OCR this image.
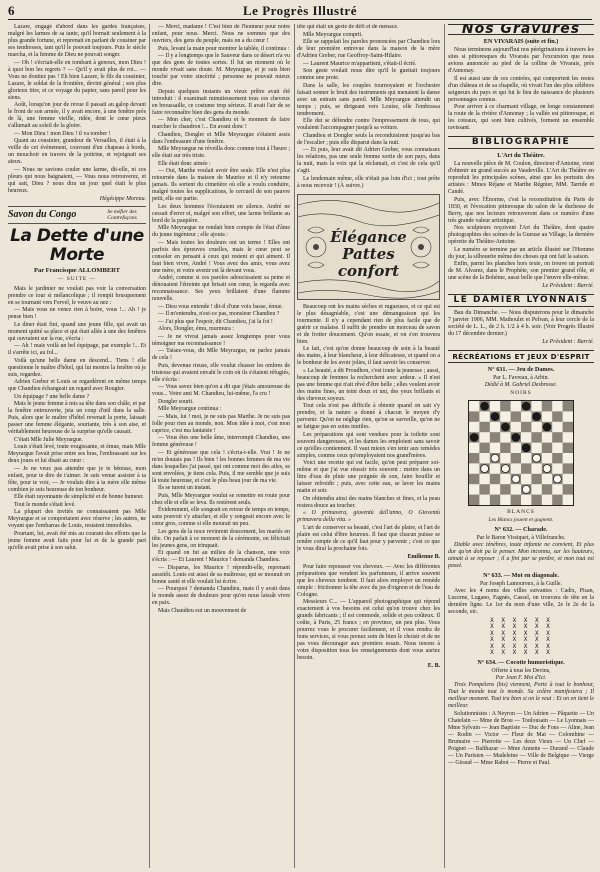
6	Le Progrès Illustré

Lazare, engagé d'abord dans les gardes françaises, malgré les larmes de sa tante, qu'il bornait seulement à la plus grande fortune, et reprenait en parlant de cousiner par ses tendresses, tant qu'il le pouvait toujours. Puis le siècle marcha, et la femme de Dieu ne pouvait songer.

— Oh ! s'écriait-elle en tombant à genoux, mon Dieu ! à quoi bon les regrets ? — Qu'il y avait plus de roi... — Vous ne doutiez pas ! Eh bien Lazare, le fils du cousinier, Lazare, le soldat de la frontière, devint général ; son plus glorieux titre, et ce voyage du papier, sans pareil pour les siens.

Août, lorsqu'on jour de revue il passait au galop devant le front de son armée, il y avait encore, à une fenêtre près de là, une femme vieille, ridée, dont le cœur pieux s'allumait au soleil de la gloire.

— Mon Dieu ! mon Dieu ! il va tomber !

Quant au cousinier, grandeur de Versailles, il était à la veille de cet événement, couvrant d'un chapeau à bords, un mouchoir en travers de la poitrine, et rejoignait ses aïeux.

— Nous ne savions couler une larme, dit-elle, ni ces pleurs qui nous baignaient, — Vous nous retrouverez, et qui sait, Dieu ? nous dira un jour quel était le plus heureux.

Hégésippe Moreau.
Savon du Congo	Se méfier des Contrefaçons
La Dette d'une Morte
Par Francisque ALLOMBERT
— SUITE —

Mais le jardinier ne voulait pas voir la conversation prendre ce tour si mélancolique ; il rompit brusquement en se tournant vers Fervel, le veuve au nez :

— Mais vous ne venez rien à boire, vous !... Ah ! je pense bien !

Le diner était fini, quand une jeune fille, qui avait un moment quitté sa place et qui était allée à une des fenêtres qui ouvraient sur la rue, s'écria :

— Ah ! mais voilà un bel équipage, par exemple !... Et il s'arrête ici, au fol...

Voilà qu'une belle dame en descend... Tiens ! elle questionne le maître d'hôtel, qui lui montre la fenêtre où je suis, regardez.

Adrien Greber et Louis se regardèrent en même temps que Chandieu échangeait un regard avec Rougier.

Un équipage ? une belle dame ?

Mais le jeune femme à mis sa tête dans son châle, et par la fenêtre entrouverte, jeta un coup d'œil dans la salle. Puis, alors que le maître d'hôtel revenait la porte, laissait passer une femme élégante, souriante, très à son aise, et véritablement heureuse de la surprise qu'elle causait.

C'était Mlle Julie Meyrargue.

Louis s'était levé, toute rougissante, et émue, mais Mlle Meyrargue l'avait prise entre ses bras, l'embrassant sur les deux joues et lui disait au cœur :

— Je ne veux pas attendre que je te bénisse, mon enfant, pour te dire de t'aimer. Je suis venue assister à ta fête, pour te voir, — Je voulais dire à ta mère elle même combien je suis heureuse de ton bonheur.

Elle était rayonnante de simplicité et de bonne humeur.

Tout le monde s'était levé.

La plupart des invités ne connaissaient pas Mlle Meyrargue et se comportaient avec réserve ; les autres, ne voyant que l'embarras de Louis, restaient immobiles.

Pourtant, lui, avait été mis au courant des efforts que la jeune femme avait faits pour lui et de la grande part qu'elle avait prise à son salut.

— Merci, madame ! C'est bien de l'honneur pour notre enfant, pour nous. Merci. Nous ne sommes que des ouvriers, des gens du peuple, mais on a du cœur !

Puis, levant la main pour montrer la tablée, il continua :

— Il y a longtemps que le Sauveur dans ce désert n'a vu que des gens de toutes sortes. Il fut un moment où le monde vivait sans doute. M. Meyrargue, et je suis bien touché par votre sincérité ; personne ne pouvait mieux dire.

Depuis quelques instants un vieux prêtre avait été introduit : il examinait minutieusement tous ces cheveux en broussaille, ce costume trop sérieux. Il avait l'air de se faire reconnaître bien des gens du monde.

— Mon cher, c'est Chandieu et le moment de faire marcher le chaudron !... En avant donc !

Chandieu, Dongler et Mlle Meyrargue s'étaient assis dans l'embrasure d'une fenêtre.

Mlle Meyrargue ne réveilla donc comme tout à l'heure ; elle était sur très triste.

Elle était donc aimée :

— Oui, Marthe voulait avoir être seule. Elle n'est plus retournée dans la maison de Maurice et il n'y retourne jamais. Ils sortent du cimetière où elle a voulu conduire, malgré toutes les supplications, le cercueil de son pauvre petit, elle est partie.

Les deux hommes l'écoutaient en silence. André ne cessait d'errer et, malgré son effort, une larme brûlante au bord de la paupière.

Mlle Meyrargue ne rendait bien compte de l'état d'âme du jeune ingénieur ; elle ajouta :

— Mais toutes les douleurs ont un terme ! Elles ont parfois des épreuves cruelles, mais le cœur peut se consoler en pensant à ceux qui restent et qui aiment. Il faut bien vivre, André ! Vous avez des amis, vous avez une mère, et votre avenir est là devant vous.

André, comme si ces paroles adoucissaient sa peine et dénouaient l'étreinte qui brisait son cœur, la regarda avec reconnaissance. Ses yeux brillaient d'une flamme nouvelle.

— Dieu vous entende ! dit-il d'une voix basse, émue.

— Il m'entendra, n'est-ce pas, monsieur Chandieu ?

— J'ai plus que l'espoir, dit Chandieu, j'ai la foi !

Alors, Dongler, ému, murmura :

— Je ne vivrai jamais assez longtemps pour vous témoigner ma reconnaissance !

— Taisez-vous, dit Mlle Meyrargue, ne parlez jamais de cela !

Puis, devenue rieuse, elle voulut chasser les ombres de tristesse qui avaient envahi le coin où ils s'étaient réfugiés, elle s'écria :

— Vous savez bien qu'on a dit que j'étais amoureuse de vous... Votre ami M. Chandieu, lui-même, l'a cru !

Dongler sourit.

Mlle Meyrargue continua :

— Mais, lui ! moi, je ne suis pas Marthe. Je ne suis pas folle pour rien au monde, non. Mon idée à moi, c'est mon caprice, c'est ma fantaisie !

— Vous êtes une belle âme, interrompit Chandieu, une femme généreuse !

— Et généreuse que cela ! s'écria-t-elle. Vrai ! Je ne m'en doutais pas ! Ils bien ! les bonnes femmes de ma vie dans lesquelles j'ai passé, qui ont comme moi des ailes, se sont envolées, je tiens cela. Puis, il me semble que je suis là toute heureuse, et c'est le plus beau jour de ma vie.

Ils se turent un instant.

Puis, Mlle Meyrargue voulut se remettre en route pour chez elle et elle se leva. Ils restèrent seuls.

Évidemment, elle songeait en retour de temps en temps, sans pouvoir s'y attacher, et elle y songeait encore avec le cœur gros, comme si elle mourait un peu.

Les gens de la noce revinrent doucement, les mariés en tête. On parlait à ce moment de la cérémonie, on félicitait les jeunes gens, on trinquait.

Et quand on fut au milieu de la chanson, une voix s'écria : — Et Laurent ! Maurice ! demanda Chandieu.

— Disparus, les Maurice ! répondit-elle, reprenant aussitôt. Louis est aussi de sa maîtresse, qui se mourait en bonne santé et elle voulait lui écrire.

— Pourquoi ? demanda Chandieu, mais il y avait dans le monde assez de douleurs pour qu'on nous laissât vivre en paix.

Mais Chandieu eut un mouvement de

tête qui était un geste de défi et de menace.

Mlle Meyrargue comprit.

Elle se rappelait les paroles prononcées par Chandieu lors de leur première entrevue dans la maison de la mère d'Adrien Greber, rue Geoffroy-Saint-Hilaire.

— Laurent Maurice m'appartient, s'était-il écrié.

Son geste voulait nous dire qu'il le guettait toujours comme une proie.

Dans la salle, les couples tournoyaient et l'orchestre faisait sonner le bruit des instruments qui menaient la danse avec un entrain sans pareil. Mlle Meyrargue attendit un temps ; puis, se dirigeant vers Louise, elle l'embrassa tendrement.

Elle dut se défendre contre l'empressement de tous, qui voulaient l'accompagner jusqu'à sa voiture.

Chandieu et Dongler seuls la reconduisirent jusqu'au bas de l'escalier ; puis elle disparut dans la nuit.

— Et puis, leur avait dit Adrien Greber, vous connaissez les relations, pas une seule femme sortie de son pays, dans la nuit, mais la voix qui la réclamait, et c'est de cela qu'il s'agit.

Le lendemain même, elle n'était pas loin d'ici ; tout prête à nous recevoir ! (À suivre.)

Élégance Pattes confort

Beaucoup ont les mains sèches et rugueuses, et ce qui est le plus désagréable, c'est une démangeaison qui les tourmente. Il n'y a cependant rien de plus facile que de guérir ce malaise. Il suffit de prendre un morceau de savon et de frotter doucement. Qu'on essaie, et on s'en trouvera bien.

Le fait, c'est qu'on donne beaucoup de soin à la beauté des mains, à leur blancheur, à leur délicatesse, et quand on a le bonheur de les avoir jolies, il faut savoir les conserver.

« La beauté, a dit Proudhon, c'est toute la jeunesse ; aussi, beaucoup de femmes la recherchent avec ardeur. » Il n'est pas une femme qui n'ait rêvé d'être belle ; elles veulent avoir des mains fines, un teint doux et uni, des yeux brillants et des cheveux soyeux.

Tout cela n'est pas difficile à obtenir quand on sait s'y prendre, et la nature a donné à chacun le moyen d'y parvenir. Qu'on ne néglige rien, qu'on se surveille, qu'on ne se fatigue pas en soins inutiles.

Les préparations qui sont vendues pour la toilette sont souvent dangereuses, et les dames les emploient sans savoir ce qu'elles contiennent. Il vaut mieux s'en tenir aux remèdes simples, comme ceux qu'employaient nos grand'mères.

Voici une recette qui est facile, qu'on peut préparer soi-même et que j'ai vue réussir très souvent : mettre dans un litre d'eau de pluie une poignée de son, faire bouillir et laisser refroidir ; puis, avec cette eau, se laver les mains matin et soir.

On obtiendra ainsi des mains blanches et fines, et la peau restera douce au toucher.

« O primavera, gioventù dell'anno, O Gioventù primavera della vita. »

L'art de conserver sa beauté, c'est l'art de plaire, et l'art de plaire est celui d'être heureux. Il faut que chacun puisse se rendre compte de ce qu'il faut pour y parvenir ; c'est ce que je vous dirai la prochaine fois.

Emilienne B.

Pour faire repousser vos cheveux. — Avec les différentes préparations que vendent les parfumeurs, il arrive souvent que les cheveux tombent. Il faut alors employer un remède simple : frictionner la tête avec du jus d'oignon et de l'eau de Cologne.

Messieurs C... — L'appareil photographique qui répond exactement à vos besoins est celui qu'on trouve chez les grands fabricants ; il est commode, solide et peu coûteux. Il coûte, à Paris, 25 francs ; en province, un peu plus. Vous pourrez vous le procurer facilement, et il vous rendra de bons services, si vous prenez soin de bien le choisir et de ne pas vous décourager aux premiers essais. Nous tenons à votre disposition tous les renseignements dont vous auriez besoin.

E. B.
Nos Gravures
EN VIVARAIS (suite et fin.)

Nous terminons aujourd'hui nos pérégrinations à travers les sites si pittoresques du Vivarais par l'excursion que nous avions annoncée au pied de la colline de Vivarais, près d'Annonay.

Il est aussi une de ces contrées, qui comportent les restes d'un château et de sa chapelle, où vivait l'un des plus célèbres seigneurs du pays et qui fut le lieu de naissance de plusieurs personnages connus.

Pour arriver à ce charmant village, on longe constamment la route de la rivière d'Annonay ; la vallée est pittoresque, et les coteaux, qui sont bien cultivés, forment un ensemble ravissant.

BIBLIOGRAPHIE
L'Art du Théâtre.

La nouvelle pièce de M. Coulon, directeur d'Antoine, vient d'obtenir un grand succès au Vaudeville. L'Art du Théâtre en reproduit les principales scènes, ainsi que les portraits des artistes : Mmes Réjane et Marthe Régnier, MM. Tarride et Candé.

Puis, avec l'Énorme, c'est la reconstitution du Paris de 1830, et l'évocation pittoresque du salon de la duchesse de Berry, que nos lecteurs retrouveront dans ce numéro d'une très grande valeur artistique.

Nos sculpteurs reçoivent l'Art du Théâtre, dont quatre photographies des scènes de la Gueuse au Village, la dernière opérette du Théâtre-Antoine.

Le numéro se termine par un article illustré sur l'Homme du jour, la silhouette même des choses qui ont fait la saison.

Enfin, parmi les planches hors texte, on trouve un portrait de M. Alvarez, dans le Prophète, son premier grand rôle, et une scène de la Bohème, aussi belle que l'œuvre elle-même.

Le Président : Barrié.
LE DAMIER LYONNAIS

Bau du Dimanche. — Nous disputerons pour le dimanche 7 janvier 1906, MM. Mathoulet et Pelvan, à leur cercle de la société de L. L., de 2 h. 1/2 à 4 h. soir. (Voir Progrès Illustré du 17 décembre dernier.)

Le Président : Barrié.
RÉCRÉATIONS ET JEUX D'ESPRIT
N° 631. — Jeu de Dames.
Par L. Favreau, à Arbin.
Dédié à M. Gabriel Desbrosse.
NOIRS
BLANCS
Les Blancs jouent et gagnent.
N° 632. — Charade.
Par le Baron Vissiquet, à Villefranche.

Diable avec ténèbres, toute infamie ne convient, Et plus dur qu'on doit pu le penser. Mon inconnu, sur les hauteurs, aimait à se reposer ; il a fini par se perdre, et mon tout est passé.

N° 633. — Mot en diagonale.
Par Joseph Lamouroux, à la Guille.

Avec les 4 noms des villes suivantes : Cadix, Pisan, Lucerne, Lugano, Fagnès, Cassel, on trouvera de tête en la dernière ligne. Le 1er du nom d'une ville, 2e le 2e de la seconde, etc.

X X X X X X
X X X X X X
X X X X X X
X X X X X X
X X X X X X
X X X X X X
N° 634. — Cocotte humoristique.
Offerte à tous les Devins,
Par Jean F. Moi d'Ici.

Trois Pompéiens (bis) viennent, Porte à tout le bonheur, Tout le monde tout le monde. Sa colère manifestera ; Il meilleur moment. Tout ira bien si on le veut : Et on en tient le meilleur.

Solutionnistes : A Neyron — Un Adrien — Pâquette — Un Chatelain — Mme de Brou — Toulousain — Le Lyonnais — Mme Sylvain — Jean Baptiste — Duc de Fons — Aline, Jean — Rodin — Victor — Fleur de Mai — Colombine — Brumaire — Pierrette — Les deux Vieux — Un Chef — Poignet — Balthazar — Mme Annette — Durand — Claude — Un Parisien — Madeleine — Ville de Belgique — Vierge — Giraud — Mme Rabot — Pierre et Paul.
